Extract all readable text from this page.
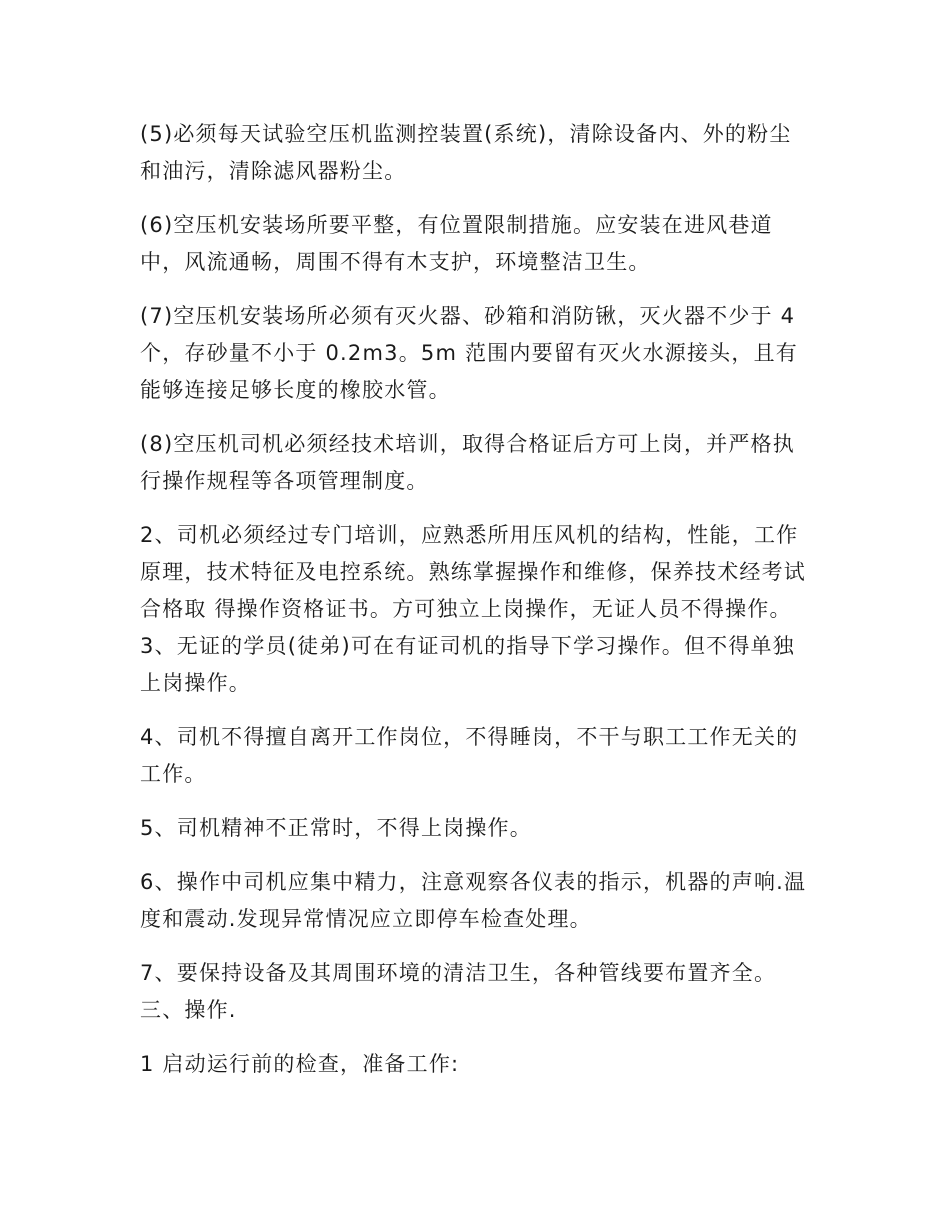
(5)必须每天试验空压机监测控装置(系统)，清除设备内、外的粉尘和油污，清除滤风器粉尘。

(6)空压机安装场所要平整，有位置限制措施。应安装在进风巷道中，风流通畅，周围不得有木支护，环境整洁卫生。

(7)空压机安装场所必须有灭火器、砂箱和消防锹，灭火器不少于 4 个，存砂量不小于 0.2m3。5m 范围内要留有灭火水源接头，且有能够连接足够长度的橡胶水管。

(8)空压机司机必须经技术培训，取得合格证后方可上岗，并严格执行操作规程等各项管理制度。

2、司机必须经过专门培训，应熟悉所用压风机的结构，性能，工作原理，技术特征及电控系统。熟练掌握操作和维修，保养技术经考试合格取 得操作资格证书。方可独立上岗操作，无证人员不得操作。 3、无证的学员(徒弟)可在有证司机的指导下学习操作。但不得单独上岗操作。

4、司机不得擅自离开工作岗位，不得睡岗，不干与职工工作无关的工作。

5、司机精神不正常时，不得上岗操作。

6、操作中司机应集中精力，注意观察各仪表的指示，机器的声响.温度和震动.发现异常情况应立即停车检查处理。

7、要保持设备及其周围环境的清洁卫生，各种管线要布置齐全。 三、操作.

1 启动运行前的检查，准备工作:
